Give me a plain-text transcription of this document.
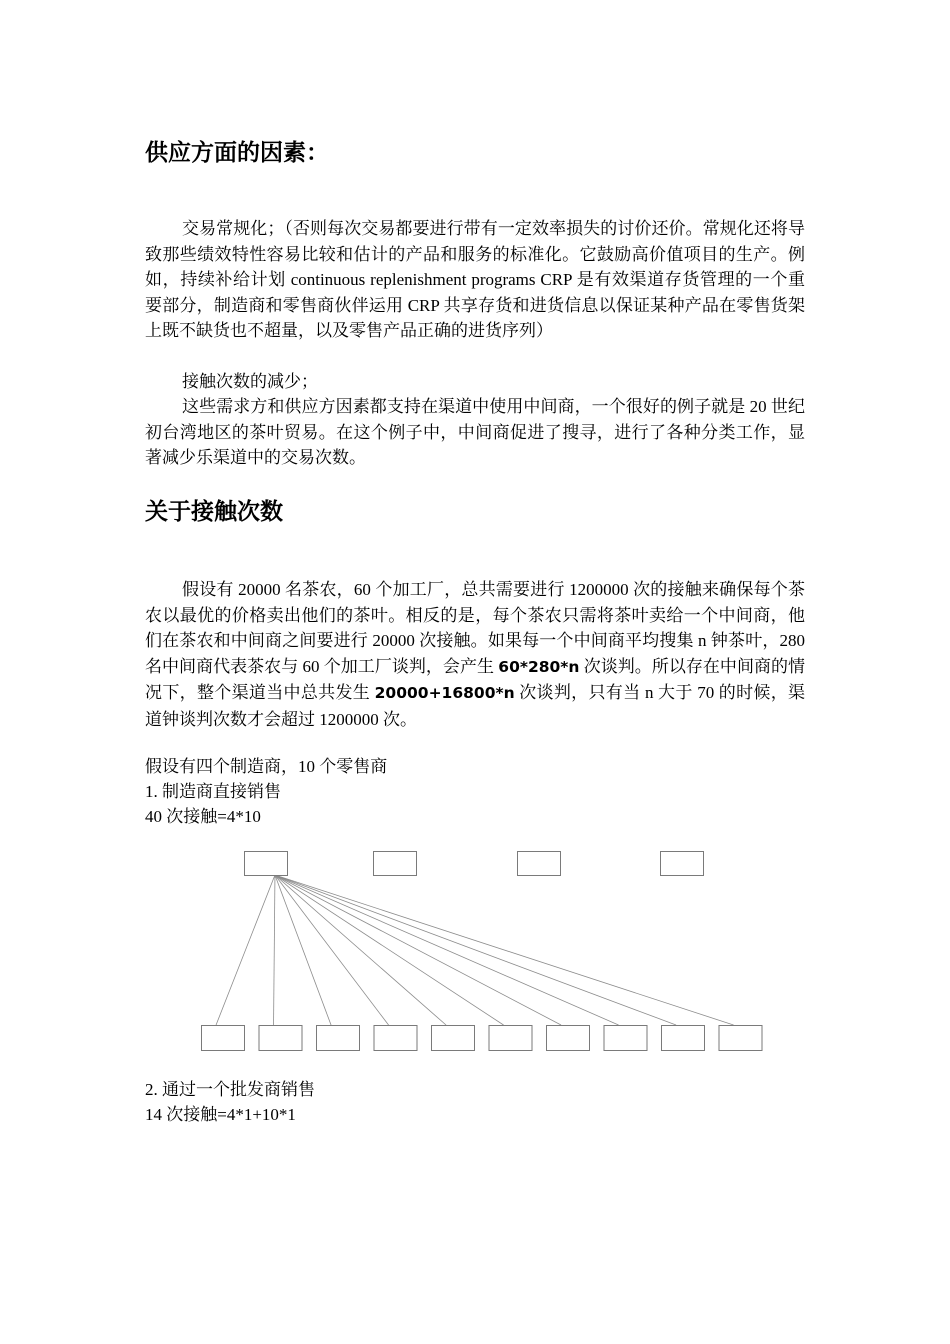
供应方面的因素：

交易常规化；（否则每次交易都要进行带有一定效率损失的讨价还价。常规化还将导致那些绩效特性容易比较和估计的产品和服务的标准化。它鼓励高价值项目的生产。例如，持续补给计划 continuous replenishment programs CRP 是有效渠道存货管理的一个重要部分，制造商和零售商伙伴运用 CRP 共享存货和进货信息以保证某种产品在零售货架上既不缺货也不超量，以及零售产品正确的进货序列）

接触次数的减少；

这些需求方和供应方因素都支持在渠道中使用中间商，一个很好的例子就是 20 世纪初台湾地区的茶叶贸易。在这个例子中，中间商促进了搜寻，进行了各种分类工作，显著减少乐渠道中的交易次数。

关于接触次数

假设有 20000 名茶农，60 个加工厂，总共需要进行 1200000 次的接触来确保每个茶农以最优的价格卖出他们的茶叶。相反的是，每个茶农只需将茶叶卖给一个中间商，他们在茶农和中间商之间要进行 20000 次接触。如果每一个中间商平均搜集 n 钟茶叶，280 名中间商代表茶农与 60 个加工厂谈判，会产生 60*280*n 次谈判。所以存在中间商的情况下，整个渠道当中总共发生 20000+16800*n 次谈判，只有当 n 大于 70 的时候，渠道钟谈判次数才会超过 1200000 次。

假设有四个制造商，10 个零售商

1. 制造商直接销售

40 次接触=4*10

2. 通过一个批发商销售

14 次接触=4*1+10*1
